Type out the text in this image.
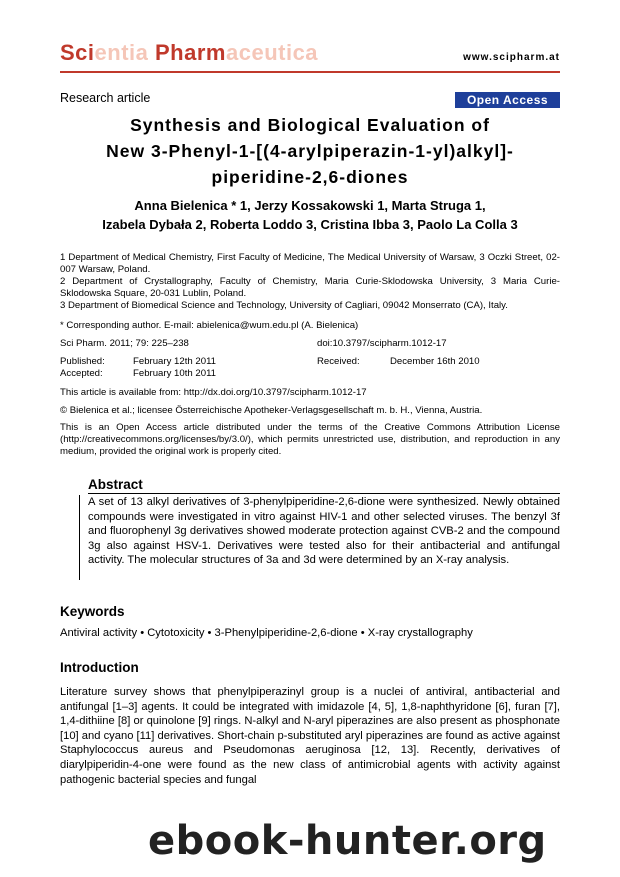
Scientia Pharmaceutica	www.scipharm.at
Research article	Open Access
Synthesis and Biological Evaluation of
New 3-Phenyl-1-[(4-arylpiperazin-1-yl)alkyl]-
piperidine-2,6-diones
Anna Bielenica * 1, Jerzy Kossakowski 1, Marta Struga 1,
Izabela Dybała 2, Roberta Loddo 3, Cristina Ibba 3, Paolo La Colla 3
1 Department of Medical Chemistry, First Faculty of Medicine, The Medical University of Warsaw, 3 Oczki Street, 02-007 Warsaw, Poland.
2 Department of Crystallography, Faculty of Chemistry, Maria Curie-Sklodowska University, 3 Maria Curie-Sklodowska Square, 20-031 Lublin, Poland.
3 Department of Biomedical Science and Technology, University of Cagliari, 09042 Monserrato (CA), Italy.
* Corresponding author. E-mail: abielenica@wum.edu.pl (A. Bielenica)
Sci Pharm. 2011; 79: 225–238	doi:10.3797/scipharm.1012-17
Published:	February 12th 2011	Received:	December 16th 2010
Accepted:	February 10th 2011
This article is available from: http://dx.doi.org/10.3797/scipharm.1012-17
© Bielenica et al.; licensee Österreichische Apotheker-Verlagsgesellschaft m. b. H., Vienna, Austria.
This is an Open Access article distributed under the terms of the Creative Commons Attribution License (http://creativecommons.org/licenses/by/3.0/), which permits unrestricted use, distribution, and reproduction in any medium, provided the original work is properly cited.
Abstract
A set of 13 alkyl derivatives of 3-phenylpiperidine-2,6-dione were synthesized. Newly obtained compounds were investigated in vitro against HIV-1 and other selected viruses. The benzyl 3f and fluorophenyl 3g derivatives showed moderate protection against CVB-2 and the compound 3g also against HSV-1. Derivatives were tested also for their antibacterial and antifungal activity. The molecular structures of 3a and 3d were determined by an X-ray analysis.
Keywords
Antiviral activity • Cytotoxicity • 3-Phenylpiperidine-2,6-dione • X-ray crystallography
Introduction
Literature survey shows that phenylpiperazinyl group is a nuclei of antiviral, antibacterial and antifungal [1–3] agents. It could be integrated with imidazole [4, 5], 1,8-naphthyridone [6], furan [7], 1,4-dithiine [8] or quinolone [9] rings. N-alkyl and N-aryl piperazines are also present as phosphonate [10] and cyano [11] derivatives. Short-chain p-substituted aryl piperazines are found as active against Staphylococcus aureus and Pseudomonas aeruginosa [12, 13]. Recently, derivatives of diarylpiperidin-4-one were found as the new class of antimicrobial agents with activity against pathogenic bacterial species and fungal
ebook-hunter.org
